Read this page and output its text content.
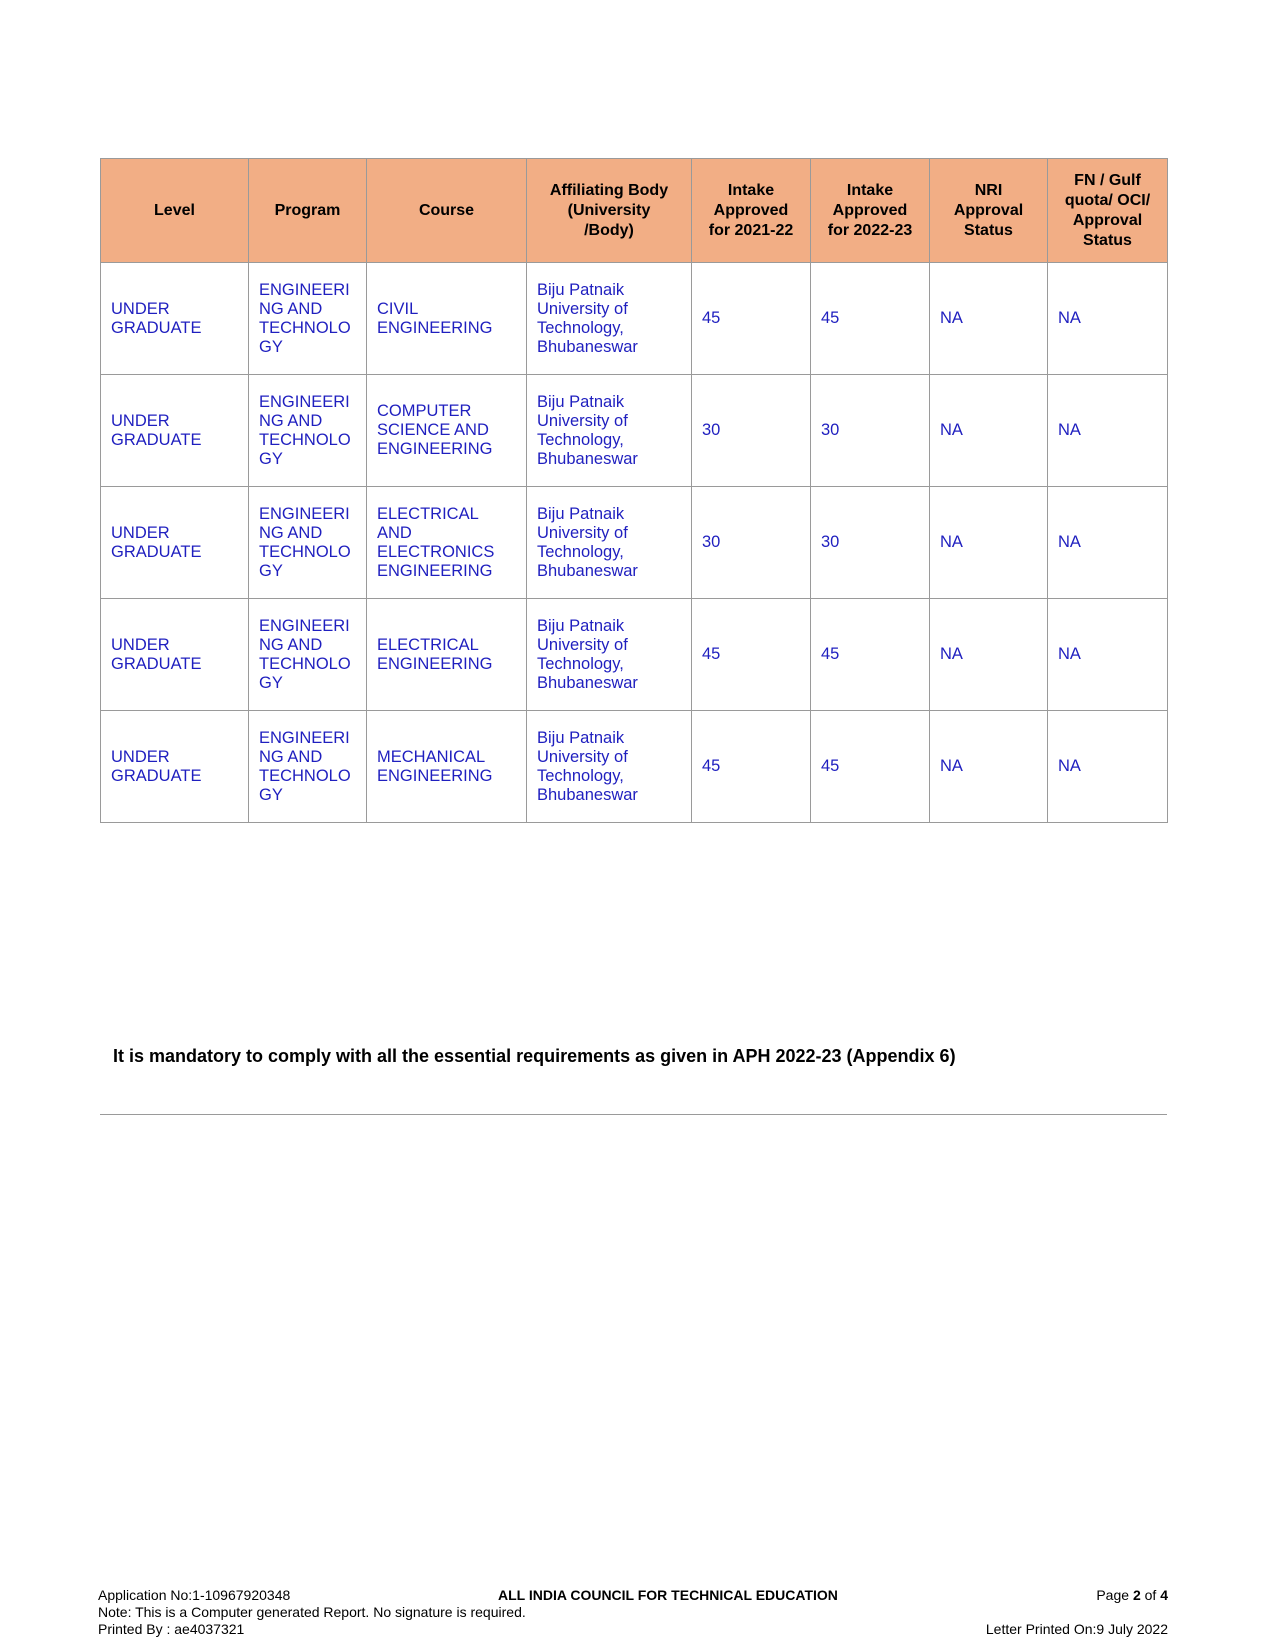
Level	Program	Course	Affiliating Body
(University
/Body)	Intake
Approved
for 2021-22	Intake
Approved
for 2022-23	NRI
Approval
Status	FN / Gulf
quota/ OCI/
Approval
Status

UNDER
GRADUATE	ENGINEERI
NG AND
TECHNOLO
GY	CIVIL
ENGINEERING	Biju Patnaik
University of
Technology,
Bhubaneswar	45	45	NA	NA

UNDER
GRADUATE	ENGINEERI
NG AND
TECHNOLO
GY	COMPUTER
SCIENCE AND
ENGINEERING	Biju Patnaik
University of
Technology,
Bhubaneswar	30	30	NA	NA

UNDER
GRADUATE	ENGINEERI
NG AND
TECHNOLO
GY	ELECTRICAL
AND
ELECTRONICS
ENGINEERING	Biju Patnaik
University of
Technology,
Bhubaneswar	30	30	NA	NA

UNDER
GRADUATE	ENGINEERI
NG AND
TECHNOLO
GY	ELECTRICAL
ENGINEERING	Biju Patnaik
University of
Technology,
Bhubaneswar	45	45	NA	NA

UNDER
GRADUATE	ENGINEERI
NG AND
TECHNOLO
GY	MECHANICAL
ENGINEERING	Biju Patnaik
University of
Technology,
Bhubaneswar	45	45	NA	NA
It is mandatory to comply with all the essential requirements as given in APH 2022-23 (Appendix 6)
Application No:1-10967920348
Note: This is a Computer generated Report. No signature is required.
Printed By : ae4037321
ALL INDIA COUNCIL FOR TECHNICAL EDUCATION	Page 2 of 4
Letter Printed On:9 July 2022
